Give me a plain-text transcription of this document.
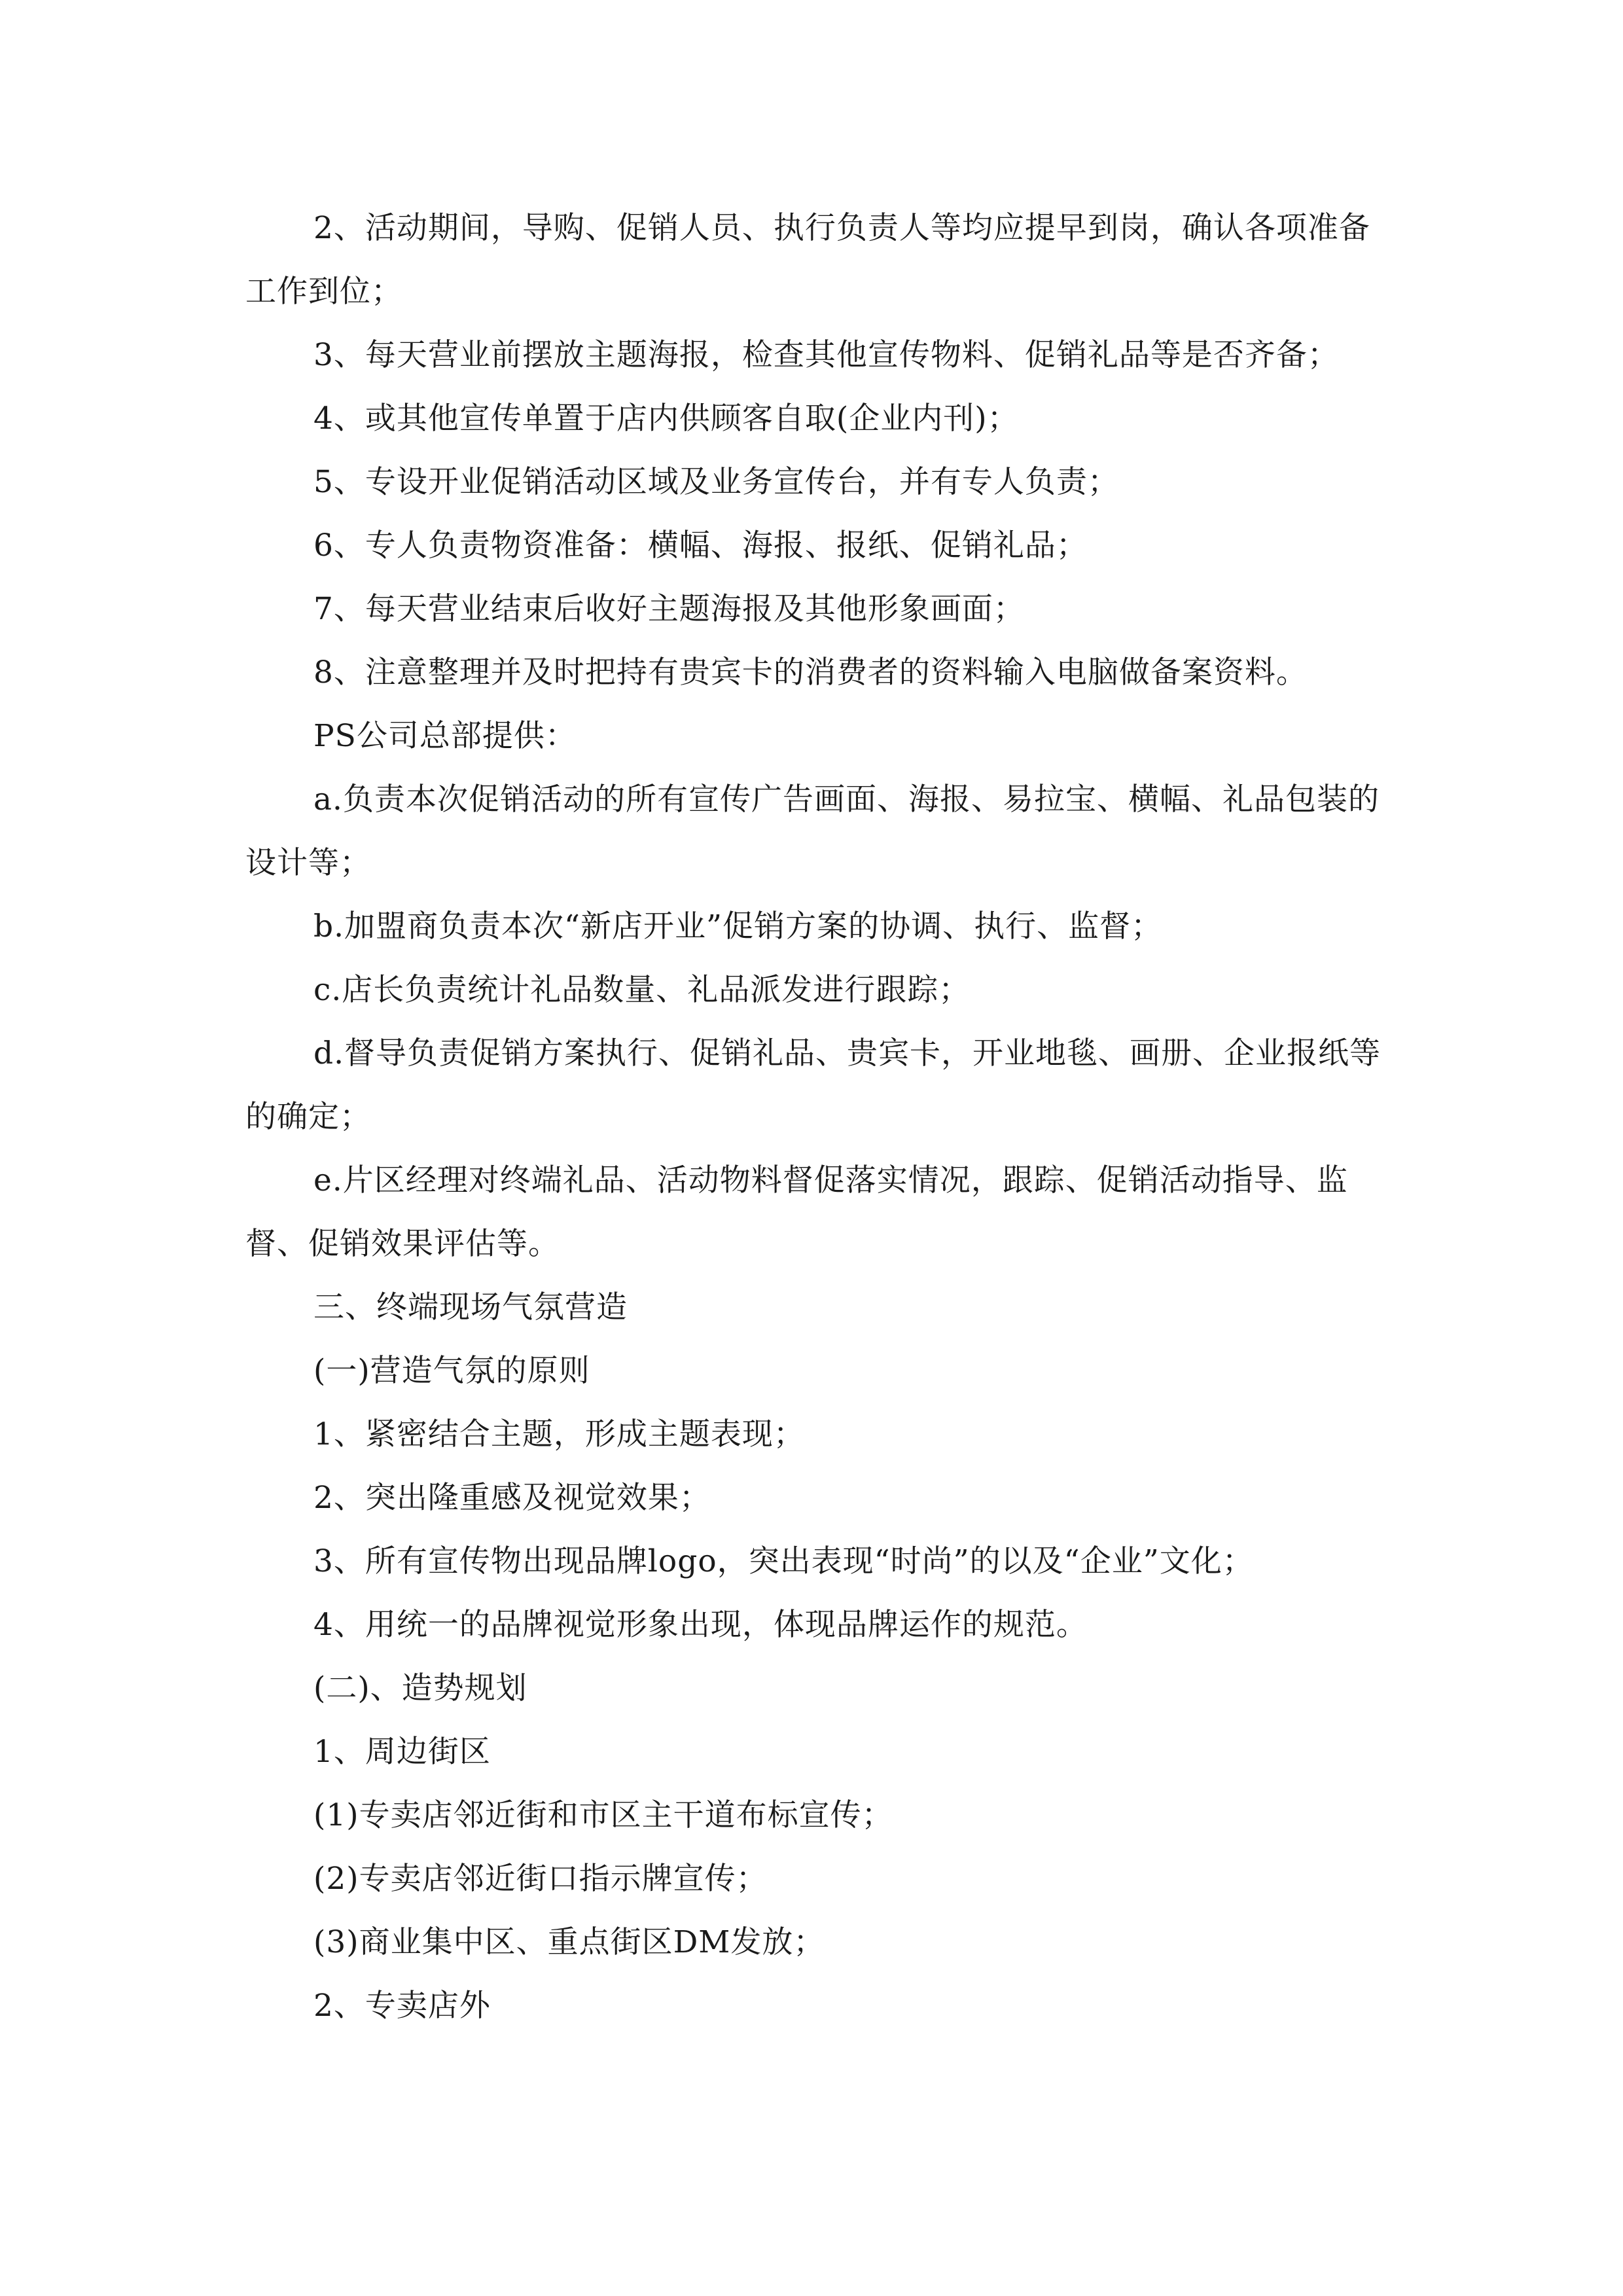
2、活动期间，导购、促销人员、执行负责人等均应提早到岗，确认各项准备工作到位；

3、每天营业前摆放主题海报，检查其他宣传物料、促销礼品等是否齐备；

4、或其他宣传单置于店内供顾客自取(企业内刊)；

5、专设开业促销活动区域及业务宣传台，并有专人负责；

6、专人负责物资准备：横幅、海报、报纸、促销礼品；

7、每天营业结束后收好主题海报及其他形象画面；

8、注意整理并及时把持有贵宾卡的消费者的资料输入电脑做备案资料。

PS公司总部提供：

a.负责本次促销活动的所有宣传广告画面、海报、易拉宝、横幅、礼品包装的设计等；

b.加盟商负责本次“新店开业”促销方案的协调、执行、监督；

c.店长负责统计礼品数量、礼品派发进行跟踪；

d.督导负责促销方案执行、促销礼品、贵宾卡，开业地毯、画册、企业报纸等的确定；

e.片区经理对终端礼品、活动物料督促落实情况，跟踪、促销活动指导、监督、促销效果评估等。

三、终端现场气氛营造

(一)营造气氛的原则

1、紧密结合主题，形成主题表现；

2、突出隆重感及视觉效果；

3、所有宣传物出现品牌logo，突出表现“时尚”的以及“企业”文化；

4、用统一的品牌视觉形象出现，体现品牌运作的规范。

(二)、造势规划

1、周边街区

(1)专卖店邻近街和市区主干道布标宣传；

(2)专卖店邻近街口指示牌宣传；

(3)商业集中区、重点街区DM发放；

2、专卖店外
